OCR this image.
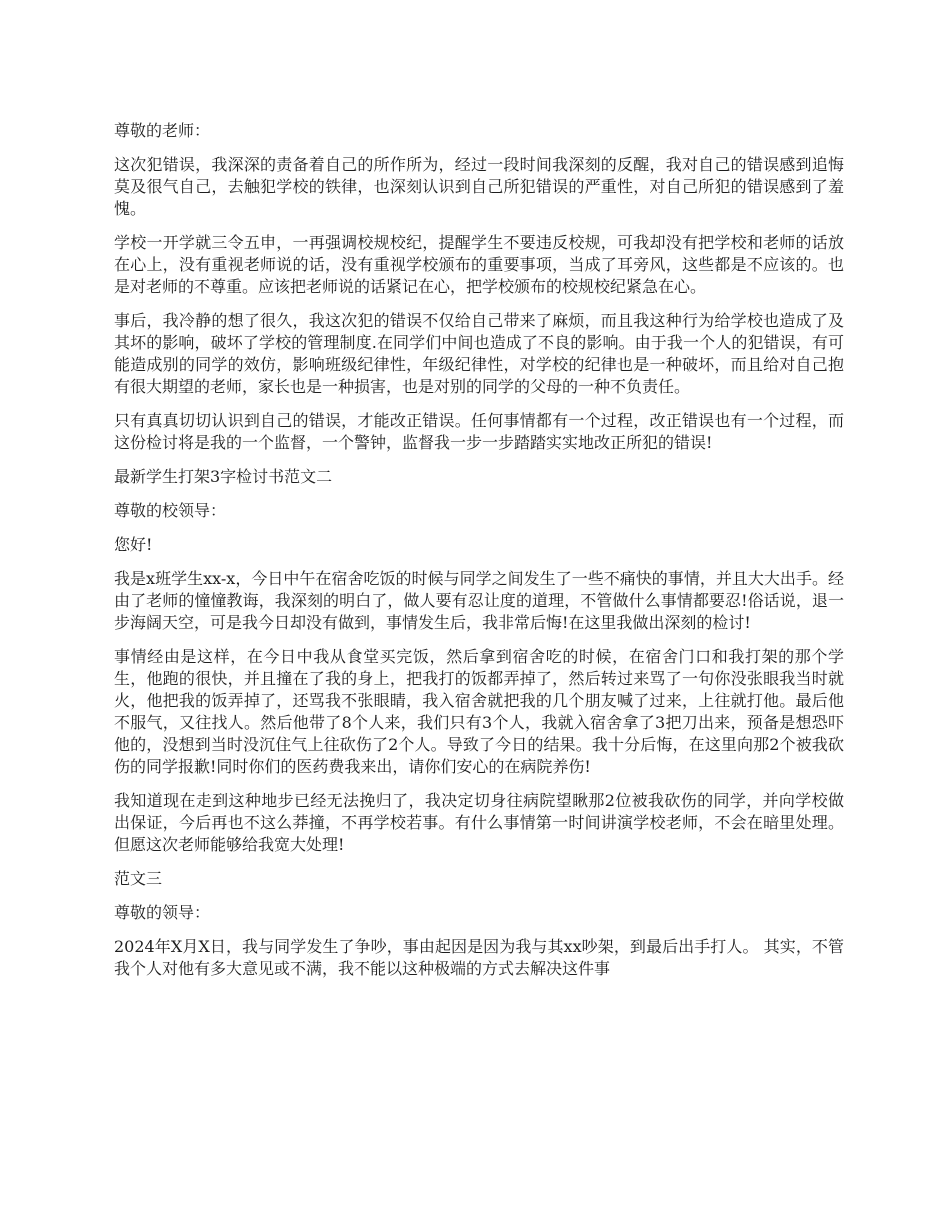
尊敬的老师：

这次犯错误，我深深的责备着自己的所作所为，经过一段时间我深刻的反醒，我对自己的错误感到追悔莫及很气自己，去触犯学校的铁律，也深刻认识到自己所犯错误的严重性，对自己所犯的错误感到了羞愧。

学校一开学就三令五申，一再强调校规校纪，提醒学生不要违反校规，可我却没有把学校和老师的话放在心上，没有重视老师说的话，没有重视学校颁布的重要事项，当成了耳旁风，这些都是不应该的。也是对老师的不尊重。应该把老师说的话紧记在心，把学校颁布的校规校纪紧急在心。

事后，我冷静的想了很久，我这次犯的错误不仅给自己带来了麻烦，而且我这种行为给学校也造成了及其坏的影响，破坏了学校的管理制度.在同学们中间也造成了不良的影响。由于我一个人的犯错误，有可能造成别的同学的效仿，影响班级纪律性，年级纪律性，对学校的纪律也是一种破坏，而且给对自己抱有很大期望的老师，家长也是一种损害，也是对别的同学的父母的一种不负责任。

只有真真切切认识到自己的错误，才能改正错误。任何事情都有一个过程，改正错误也有一个过程，而这份检讨将是我的一个监督，一个警钟，监督我一步一步踏踏实实地改正所犯的错误!

最新学生打架3字检讨书范文二

尊敬的校领导：

您好!

我是x班学生xx-x，今日中午在宿舍吃饭的时候与同学之间发生了一些不痛快的事情，并且大大出手。经由了老师的憧憧教诲，我深刻的明白了，做人要有忍让度的道理，不管做什么事情都要忍!俗话说，退一步海阔天空，可是我今日却没有做到，事情发生后，我非常后悔!在这里我做出深刻的检讨!

事情经由是这样，在今日中我从食堂买完饭，然后拿到宿舍吃的时候，在宿舍门口和我打架的那个学生，他跑的很快，并且撞在了我的身上，把我打的饭都弄掉了，然后转过来骂了一句你没张眼我当时就火，他把我的饭弄掉了，还骂我不张眼睛，我入宿舍就把我的几个朋友喊了过来，上往就打他。最后他不服气，又往找人。然后他带了8个人来，我们只有3个人，我就入宿舍拿了3把刀出来，预备是想恐吓他的，没想到当时没沉住气上往砍伤了2个人。导致了今日的结果。我十分后悔，在这里向那2个被我砍伤的同学报歉!同时你们的医药费我来出，请你们安心的在病院养伤!

我知道现在走到这种地步已经无法挽归了，我决定切身往病院望瞅那2位被我砍伤的同学，并向学校做出保证，今后再也不这么莽撞，不再学校若事。有什么事情第一时间讲演学校老师，不会在暗里处理。但愿这次老师能够给我宽大处理!

范文三

尊敬的领导：

2024年X月X日，我与同学发生了争吵，事由起因是因为我与其xx吵架，到最后出手打人。 其实，不管我个人对他有多大意见或不满，我不能以这种极端的方式去解决这件事
